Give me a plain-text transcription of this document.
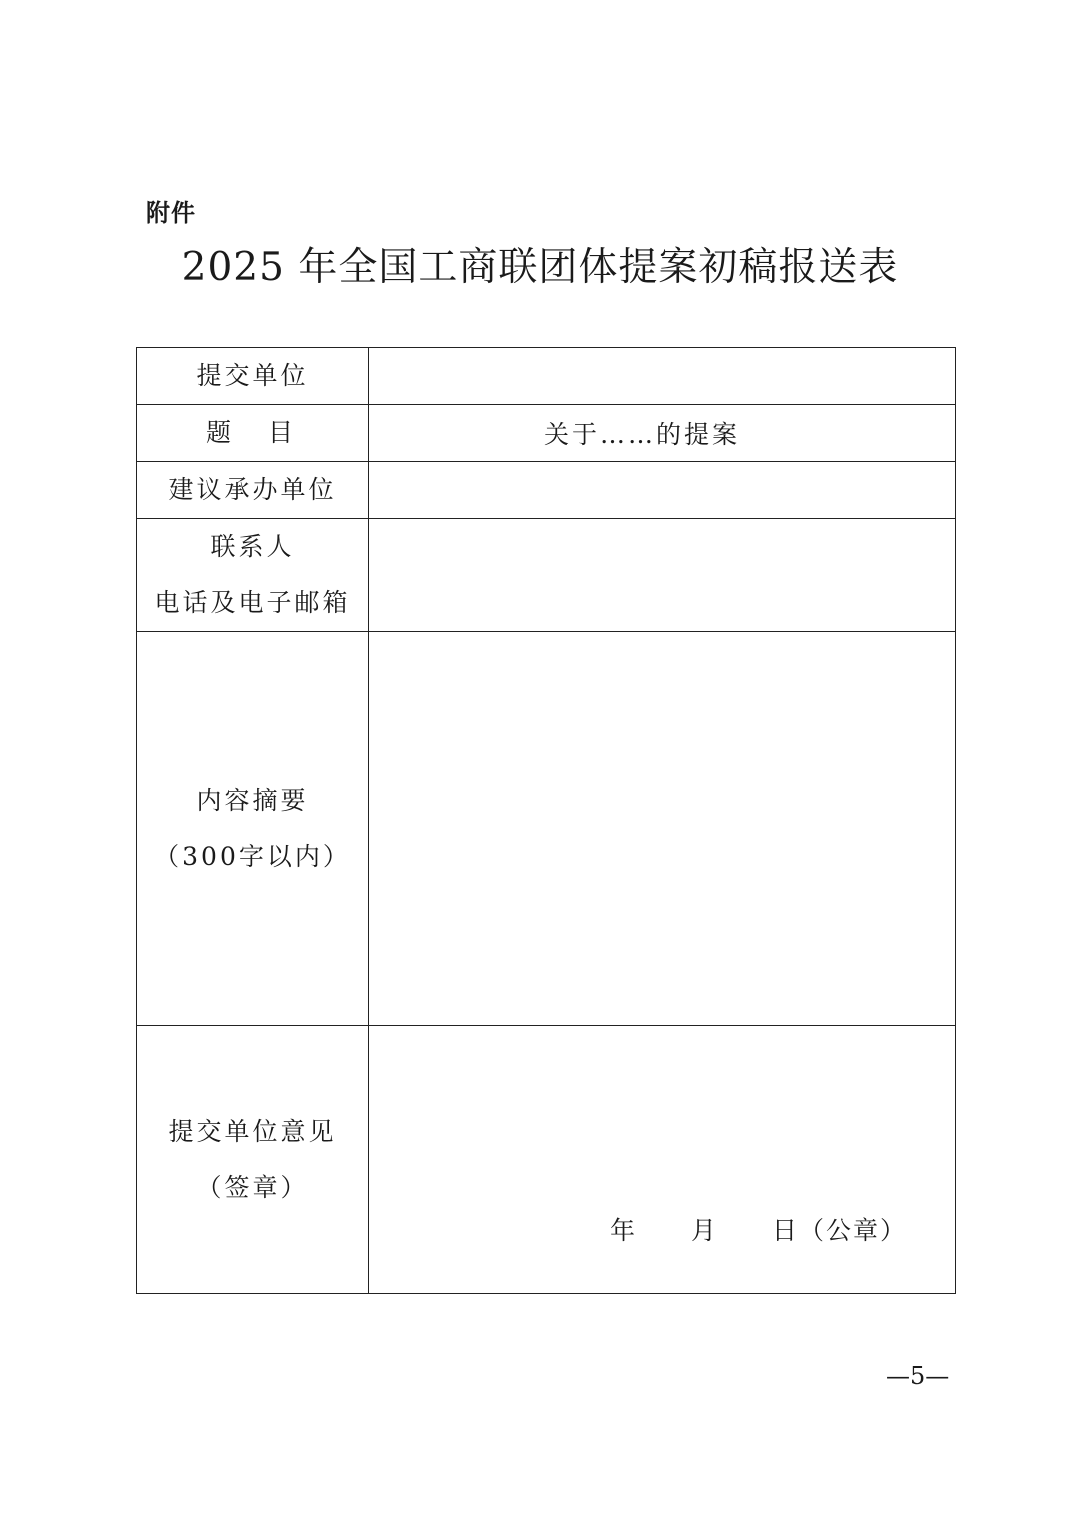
附件
2025 年全国工商联团体提案初稿报送表
提交单位	
题　目	关于……的提案
建议承办单位	

联系人
电话及电子邮箱	

内容摘要
（300字以内）	

提交单位意见
（签章）	年　　月　　日（公章）
—5—
